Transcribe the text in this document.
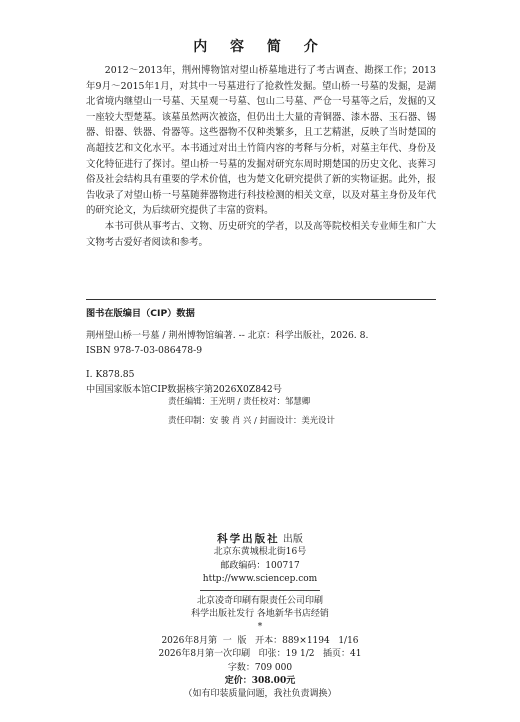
内 容 简 介

2012～2013年，荆州博物馆对望山桥墓地进行了考古调查、勘探工作；2013年9月～2015年1月，对其中一号墓进行了抢救性发掘。望山桥一号墓的发掘，是湖北省境内继望山一号墓、天星观一号墓、包山二号墓、严仓一号墓等之后，发掘的又一座较大型楚墓。该墓虽然两次被盗，但仍出土大量的青铜器、漆木器、玉石器、锡器、铅器、铁器、骨器等。这些器物不仅种类繁多，且工艺精湛，反映了当时楚国的高超技艺和文化水平。本书通过对出土竹简内容的考释与分析，对墓主年代、身份及文化特征进行了探讨。望山桥一号墓的发掘对研究东周时期楚国的历史文化、丧葬习俗及社会结构具有重要的学术价值，也为楚文化研究提供了新的实物证据。此外，报告收录了对望山桥一号墓随葬器物进行科技检测的相关文章，以及对墓主身份及年代的研究论文，为后续研究提供了丰富的资料。

本书可供从事考古、文物、历史研究的学者，以及高等院校相关专业师生和广大文物考古爱好者阅读和参考。

图书在版编目（CIP）数据
荆州望山桥一号墓 / 荆州博物馆编著. -- 北京：科学出版社，2026. 8.
ISBN 978-7-03-086478-9
Ⅰ. K878.85
中国国家版本馆CIP数据核字第2026X0Z842号
责任编辑：王光明 / 责任校对：邹慧卿
责任印制：安 骏 肖 兴 / 封面设计：美光设计
科学出版社 出版
北京东黄城根北街16号
邮政编码：100717
http://www.sciencep.com
北京凌奇印刷有限责任公司印刷
科学出版社发行 各地新华书店经销
*
2026年8月第  一  版   开本：889×1194   1/16
2026年8月第一次印刷   印张：19 1/2   插页：41
字数：709 000
定价：308.00元
（如有印装质量问题，我社负责调换）
